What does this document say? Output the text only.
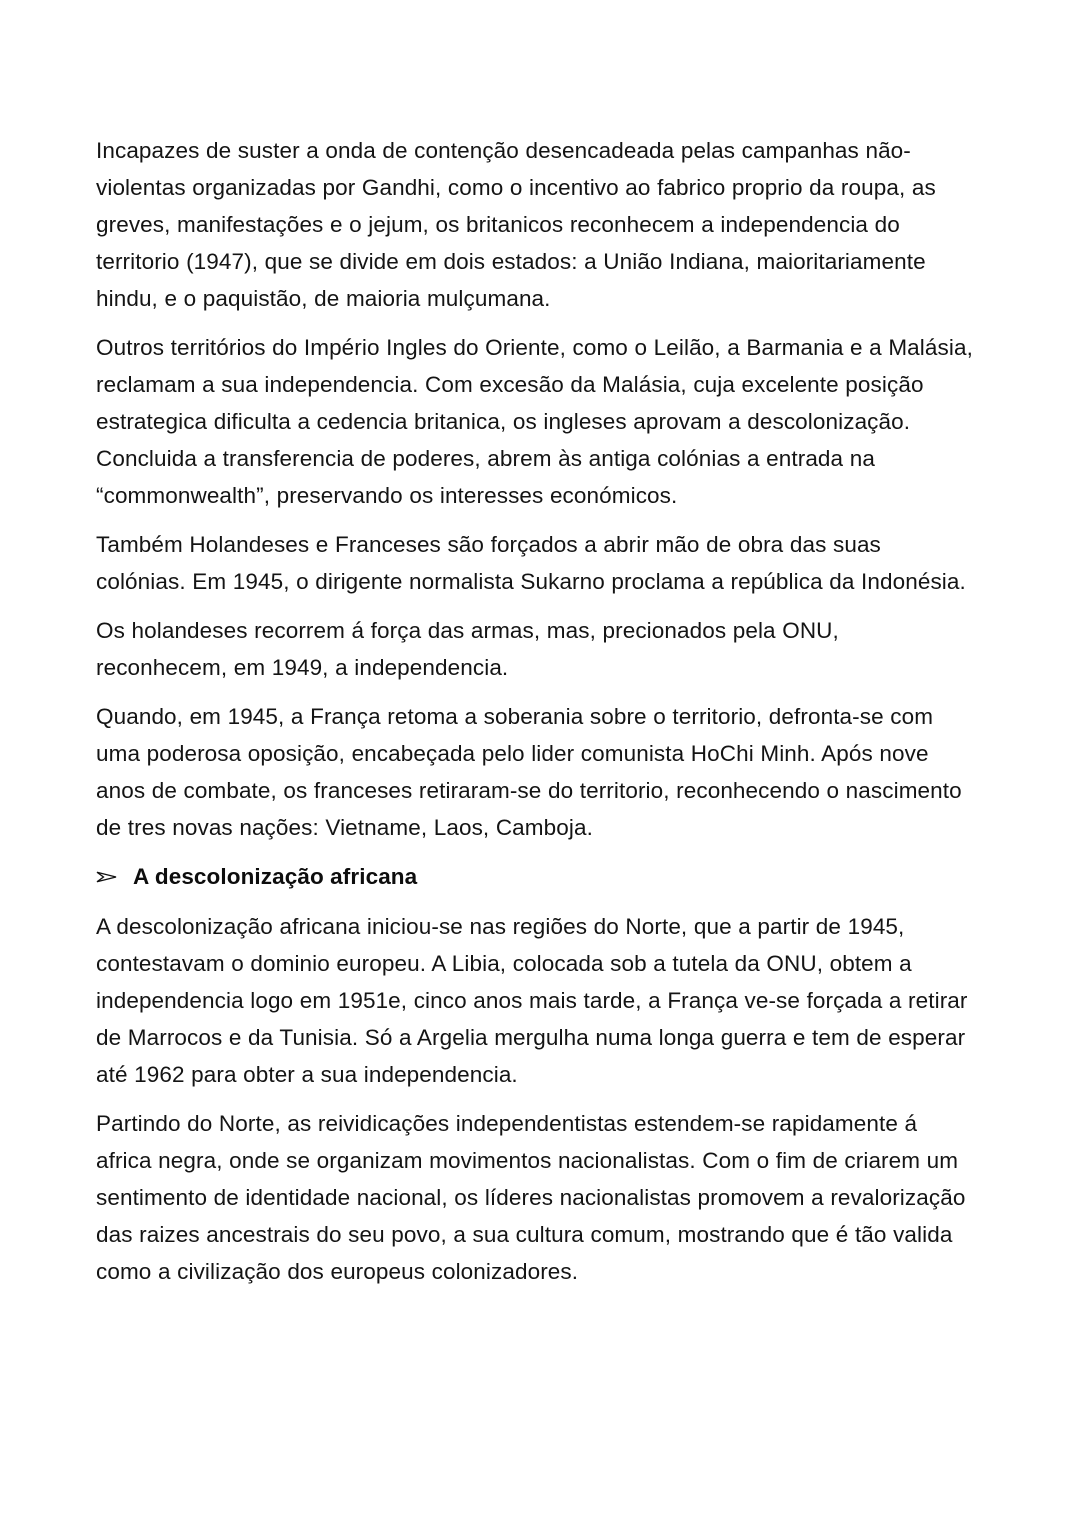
Incapazes de suster a onda de contenção desencadeada pelas campanhas não-violentas organizadas por Gandhi, como o incentivo ao fabrico proprio da roupa, as greves, manifestações e o jejum, os britanicos reconhecem a independencia do territorio (1947), que se divide em dois estados: a União Indiana, maioritariamente hindu, e o paquistão, de maioria mulçumana.

Outros territórios do Império Ingles do Oriente, como o Leilão, a Barmania e a Malásia, reclamam a sua independencia. Com excesão da Malásia, cuja excelente posição estrategica dificulta a cedencia britanica, os ingleses aprovam a descolonização. Concluida a transferencia de poderes, abrem às antiga colónias a entrada na “commonwealth”, preservando os interesses económicos.

Também Holandeses e Franceses são forçados a abrir mão de obra das suas colónias. Em 1945, o dirigente normalista Sukarno proclama a república da Indonésia.

Os holandeses recorrem á força das armas, mas, precionados pela ONU, reconhecem, em 1949, a independencia.

Quando, em 1945, a França retoma a soberania sobre o territorio, defronta-se com uma poderosa oposição, encabeçada pelo lider comunista HoChi Minh. Após nove anos de combate, os franceses retiraram-se do territorio, reconhecendo o nascimento de tres novas nações: Vietname, Laos, Camboja.

A descolonização africana

A descolonização africana iniciou-se nas regiões do Norte, que a partir de 1945, contestavam o dominio europeu. A Libia, colocada sob a tutela da ONU, obtem a independencia logo em 1951e, cinco anos mais tarde, a França ve-se forçada a retirar de Marrocos e da Tunisia. Só a Argelia mergulha numa longa guerra e tem de esperar até 1962 para obter a sua independencia.

Partindo do Norte, as reividicações independentistas estendem-se rapidamente á africa negra, onde se organizam movimentos nacionalistas. Com o fim de criarem um sentimento de identidade nacional, os líderes nacionalistas promovem a revalorização das raizes ancestrais do seu povo, a sua cultura comum, mostrando que é tão valida como a civilização dos europeus colonizadores.
